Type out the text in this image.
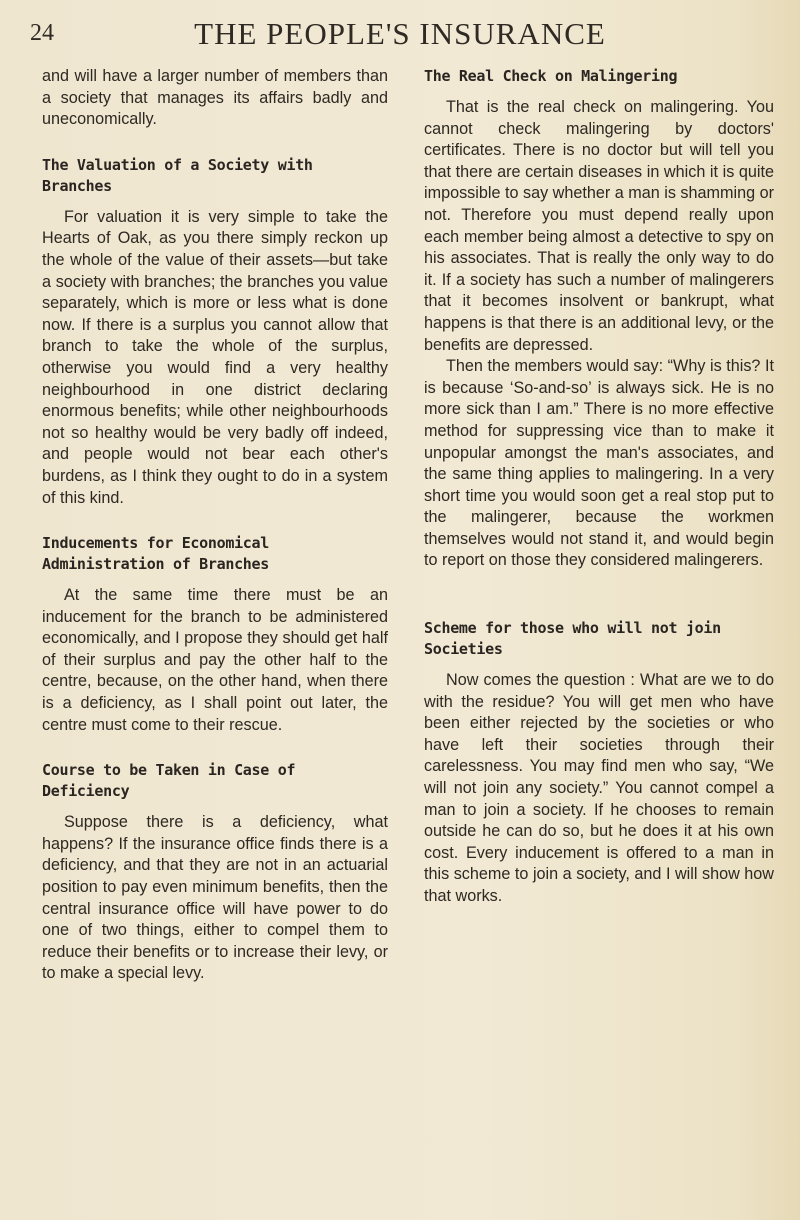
24	THE PEOPLE'S INSURANCE

and will have a larger number of members than a society that manages its affairs badly and uneconomically.

The Valuation of a Society with Branches

For valuation it is very simple to take the Hearts of Oak, as you there simply reckon up the whole of the value of their assets—but take a society with branches; the branches you value separately, which is more or less what is done now. If there is a surplus you cannot allow that branch to take the whole of the surplus, otherwise you would find a very healthy neighbourhood in one district declaring enormous benefits; while other neighbourhoods not so healthy would be very badly off indeed, and people would not bear each other's burdens, as I think they ought to do in a system of this kind.

Inducements for Economical Administration of Branches

At the same time there must be an inducement for the branch to be administered economically, and I propose they should get half of their surplus and pay the other half to the centre, because, on the other hand, when there is a deficiency, as I shall point out later, the centre must come to their rescue.

Course to be Taken in Case of Deficiency

Suppose there is a deficiency, what happens? If the insurance office finds there is a deficiency, and that they are not in an actuarial position to pay even minimum benefits, then the central insurance office will have power to do one of two things, either to compel them to reduce their benefits or to increase their levy, or to make a special levy.

The Real Check on Malingering

That is the real check on malingering. You cannot check malingering by doctors' certificates. There is no doctor but will tell you that there are certain diseases in which it is quite impossible to say whether a man is shamming or not. Therefore you must depend really upon each member being almost a detective to spy on his associates. That is really the only way to do it. If a society has such a number of malingerers that it becomes insolvent or bankrupt, what happens is that there is an additional levy, or the benefits are depressed.

Then the members would say: “Why is this? It is because ‘So-and-so’ is always sick. He is no more sick than I am.” There is no more effective method for suppressing vice than to make it unpopular amongst the man's associates, and the same thing applies to malingering. In a very short time you would soon get a real stop put to the malingerer, because the workmen themselves would not stand it, and would begin to report on those they considered malingerers.

Scheme for those who will not join Societies

Now comes the question : What are we to do with the residue? You will get men who have been either rejected by the societies or who have left their societies through their carelessness. You may find men who say, “We will not join any society.” You cannot compel a man to join a society. If he chooses to remain outside he can do so, but he does it at his own cost. Every inducement is offered to a man in this scheme to join a society, and I will show how that works.
